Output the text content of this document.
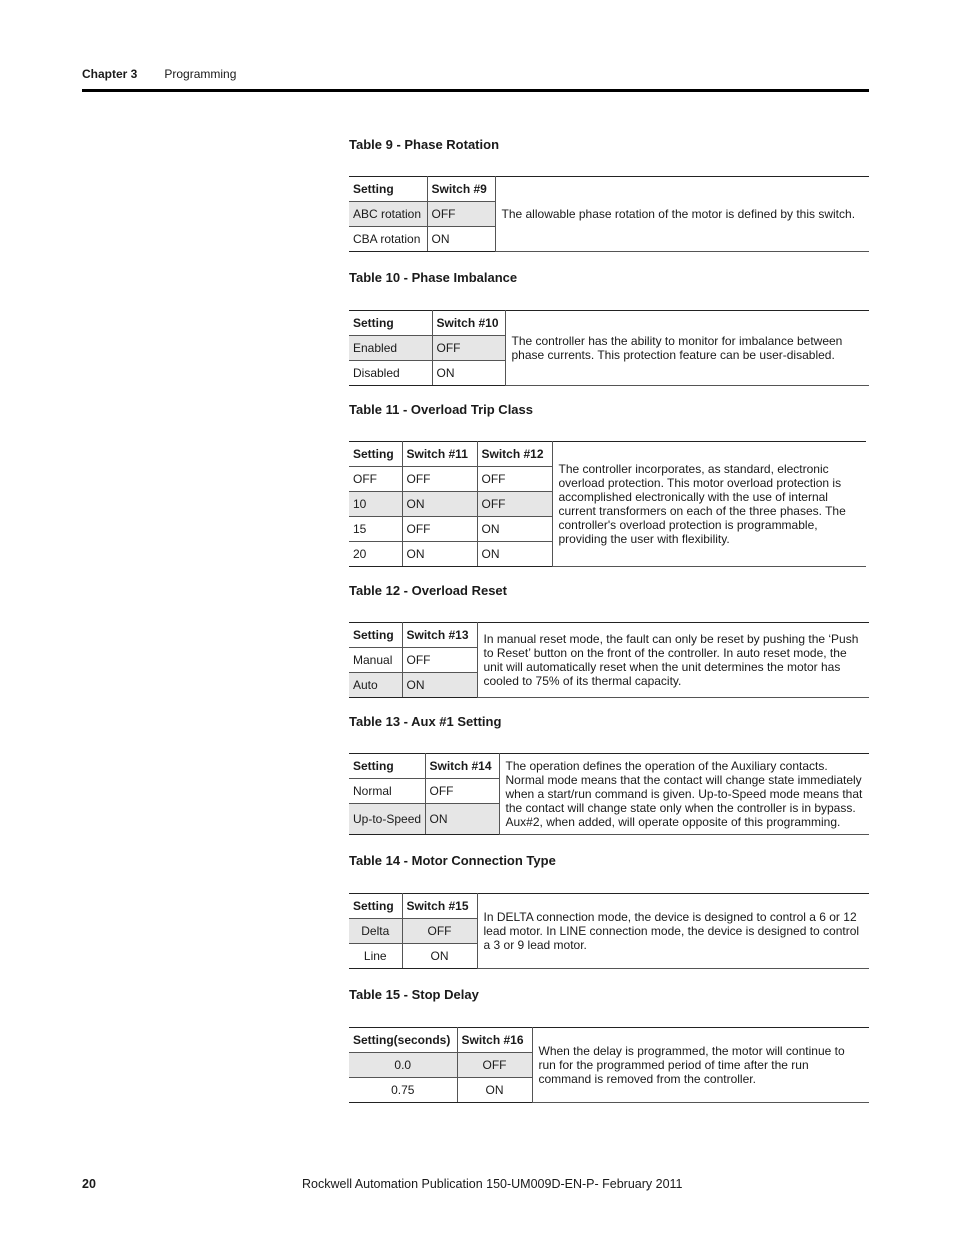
Chapter 3 Programming
Table 9 - Phase Rotation
Setting	Switch #9	The allowable phase rotation of the motor is defined by this switch.
ABC rotation	OFF	
CBA rotation	ON	
Table 10 - Phase Imbalance
Setting	Switch #10	The controller has the ability to monitor for imbalance between phase currents. This protection feature can be user-disabled.
Enabled	OFF	
Disabled	ON	
Table 11 - Overload Trip Class
Setting	Switch #11	Switch #12	The controller incorporates, as standard, electronic overload protection. This motor overload protection is accomplished electronically with the use of internal current transformers on each of the three phases. The controller's overload protection is programmable, providing the user with flexibility.
OFF	OFF	OFF	
10	ON	OFF	
15	OFF	ON	
20	ON	ON	
Table 12 - Overload Reset
Setting	Switch #13	In manual reset mode, the fault can only be reset by pushing the ‘Push to Reset’ button on the front of the controller. In auto reset mode, the unit will automatically reset when the unit determines the motor has cooled to 75% of its thermal capacity.
Manual	OFF	
Auto	ON	
Table 13 - Aux #1 Setting
Setting	Switch #14	The operation defines the operation of the Auxiliary contacts. Normal mode means that the contact will change state immediately when a start/run command is given. Up-to-Speed mode means that the contact will change state only when the controller is in bypass. Aux#2, when added, will operate opposite of this programming.
Normal	OFF	
Up-to-Speed	ON	
Table 14 - Motor Connection Type
Setting	Switch #15	In DELTA connection mode, the device is designed to control a 6 or 12 lead motor. In LINE connection mode, the device is designed to control a 3 or 9 lead motor.
Delta	OFF	
Line	ON	
Table 15 - Stop Delay
Setting(seconds)	Switch #16	When the delay is programmed, the motor will continue to run for the programmed period of time after the run command is removed from the controller.
0.0	OFF	
0.75	ON	
20	Rockwell Automation Publication 150-UM009D-EN-P- February 2011
